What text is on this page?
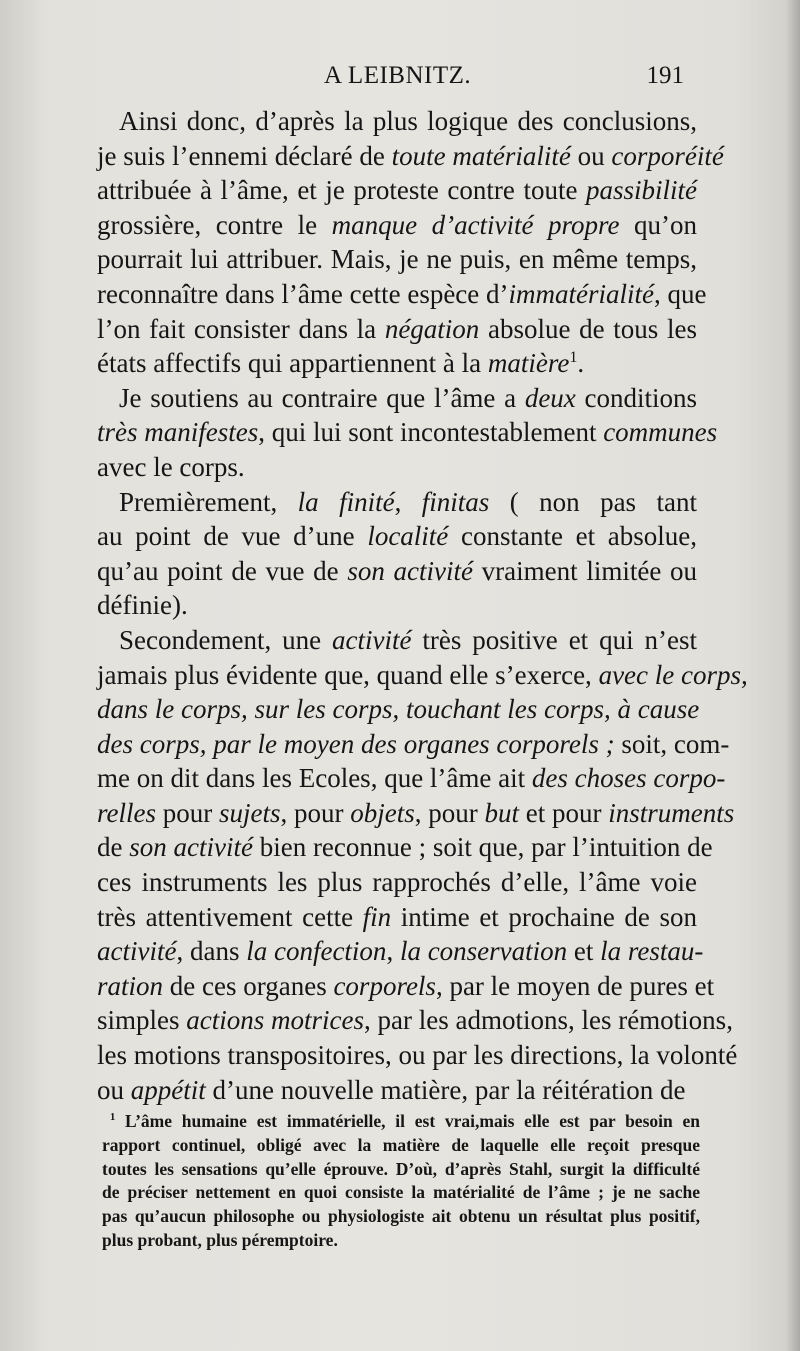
A LEIBNITZ.	191
Ainsi donc, d’après la plus logique des conclusions,
je suis l’ennemi déclaré de toute matérialité ou corporéité
attribuée à l’âme, et je proteste contre toute passibilité
grossière, contre le manque d’activité propre qu’on
pourrait lui attribuer. Mais, je ne puis, en même temps,
reconnaître dans l’âme cette espèce d’immatérialité, que
l’on fait consister dans la négation absolue de tous les
états affectifs qui appartiennent à la matière$^1$.
Je soutiens au contraire que l’âme a deux conditions
très manifestes, qui lui sont incontestablement communes
avec le corps.
Premièrement, la finité, finitas ( non pas tant
au point de vue d’une localité constante et absolue,
qu’au point de vue de son activité vraiment limitée ou
définie).
Secondement, une activité très positive et qui n’est
jamais plus évidente que, quand elle s’exerce, avec le corps,
dans le corps, sur les corps, touchant les corps, à cause
des corps, par le moyen des organes corporels ; soit, com-
me on dit dans les Ecoles, que l’âme ait des choses corpo-
relles pour sujets, pour objets, pour but et pour instruments
de son activité bien reconnue ; soit que, par l’intuition de
ces instruments les plus rapprochés d’elle, l’âme voie
très attentivement cette fin intime et prochaine de son
activité, dans la confection, la conservation et la restau-
ration de ces organes corporels, par le moyen de pures et
simples actions motrices, par les admotions, les rémotions,
les motions transpositoires, ou par les directions, la volonté
ou appétit d’une nouvelle matière, par la réitération de
$^1$ L’âme humaine est immatérielle, il est vrai,mais elle est par besoin en
rapport continuel, obligé avec la matière de laquelle elle reçoit presque
toutes les sensations qu’elle éprouve. D’où, d’après Stahl, surgit la difficulté
de préciser nettement en quoi consiste la matérialité de l’âme ; je ne sache
pas qu’aucun philosophe ou physiologiste ait obtenu un résultat plus positif,
plus probant, plus péremptoire.
